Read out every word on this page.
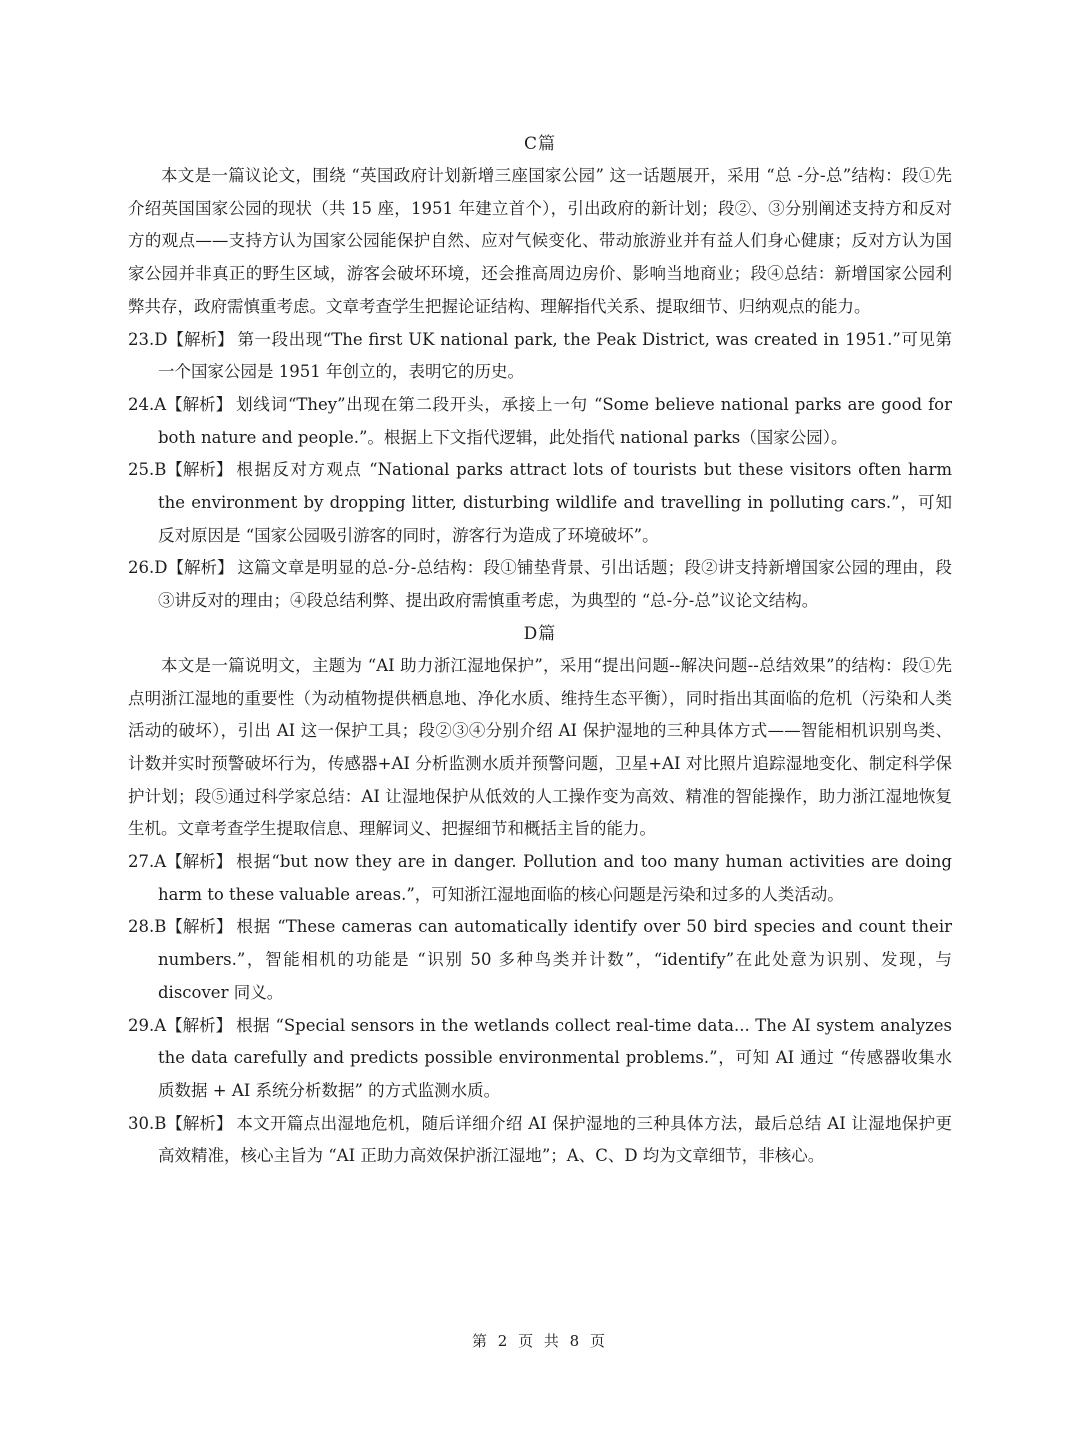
C篇

本文是一篇议论文，围绕 “英国政府计划新增三座国家公园” 这一话题展开，采用 “总 -分-总”结构：段①先介绍英国国家公园的现状（共 15 座，1951 年建立首个），引出政府的新计划；段②、③分别阐述支持方和反对方的观点——支持方认为国家公园能保护自然、应对气候变化、带动旅游业并有益人们身心健康；反对方认为国家公园并非真正的野生区域，游客会破坏环境，还会推高周边房价、影响当地商业；段④总结：新增国家公园利弊共存，政府需慎重考虑。文章考查学生把握论证结构、理解指代关系、提取细节、归纳观点的能力。

23.D【解析】 第一段出现“The first UK national park, the Peak District, was created in 1951.”可见第一个国家公园是 1951 年创立的，表明它的历史。

24.A【解析】 划线词“They”出现在第二段开头，承接上一句 “Some believe national parks are good for both nature and people.”。根据上下文指代逻辑，此处指代 national parks（国家公园）。

25.B【解析】 根据反对方观点 “National parks attract lots of tourists but these visitors often harm the environment by dropping litter, disturbing wildlife and travelling in polluting cars.”，可知反对原因是 “国家公园吸引游客的同时，游客行为造成了环境破坏”。

26.D【解析】 这篇文章是明显的总-分-总结构：段①铺垫背景、引出话题；段②讲支持新增国家公园的理由，段③讲反对的理由；④段总结利弊、提出政府需慎重考虑，为典型的 “总-分-总”议论文结构。

D篇

本文是一篇说明文，主题为 “AI 助力浙江湿地保护”，采用“提出问题--解决问题--总结效果”的结构：段①先点明浙江湿地的重要性（为动植物提供栖息地、净化水质、维持生态平衡），同时指出其面临的危机（污染和人类活动的破坏），引出 AI 这一保护工具；段②③④分别介绍 AI 保护湿地的三种具体方式——智能相机识别鸟类、计数并实时预警破坏行为，传感器+AI 分析监测水质并预警问题，卫星+AI 对比照片追踪湿地变化、制定科学保护计划；段⑤通过科学家总结：AI 让湿地保护从低效的人工操作变为高效、精准的智能操作，助力浙江湿地恢复生机。文章考查学生提取信息、理解词义、把握细节和概括主旨的能力。

27.A【解析】 根据“but now they are in danger. Pollution and too many human activities are doing harm to these valuable areas.”，可知浙江湿地面临的核心问题是污染和过多的人类活动。

28.B【解析】 根据 “These cameras can automatically identify over 50 bird species and count their numbers.”，智能相机的功能是 “识别 50 多种鸟类并计数”，“identify”在此处意为识别、发现，与 discover 同义。

29.A【解析】 根据 “Special sensors in the wetlands collect real-time data... The AI system analyzes the data carefully and predicts possible environmental problems.”，可知 AI 通过 “传感器收集水质数据 + AI 系统分析数据” 的方式监测水质。

30.B【解析】 本文开篇点出湿地危机，随后详细介绍 AI 保护湿地的三种具体方法，最后总结 AI 让湿地保护更高效精准，核心主旨为 “AI 正助力高效保护浙江湿地”；A、C、D 均为文章细节，非核心。

第 2 页 共 8 页
